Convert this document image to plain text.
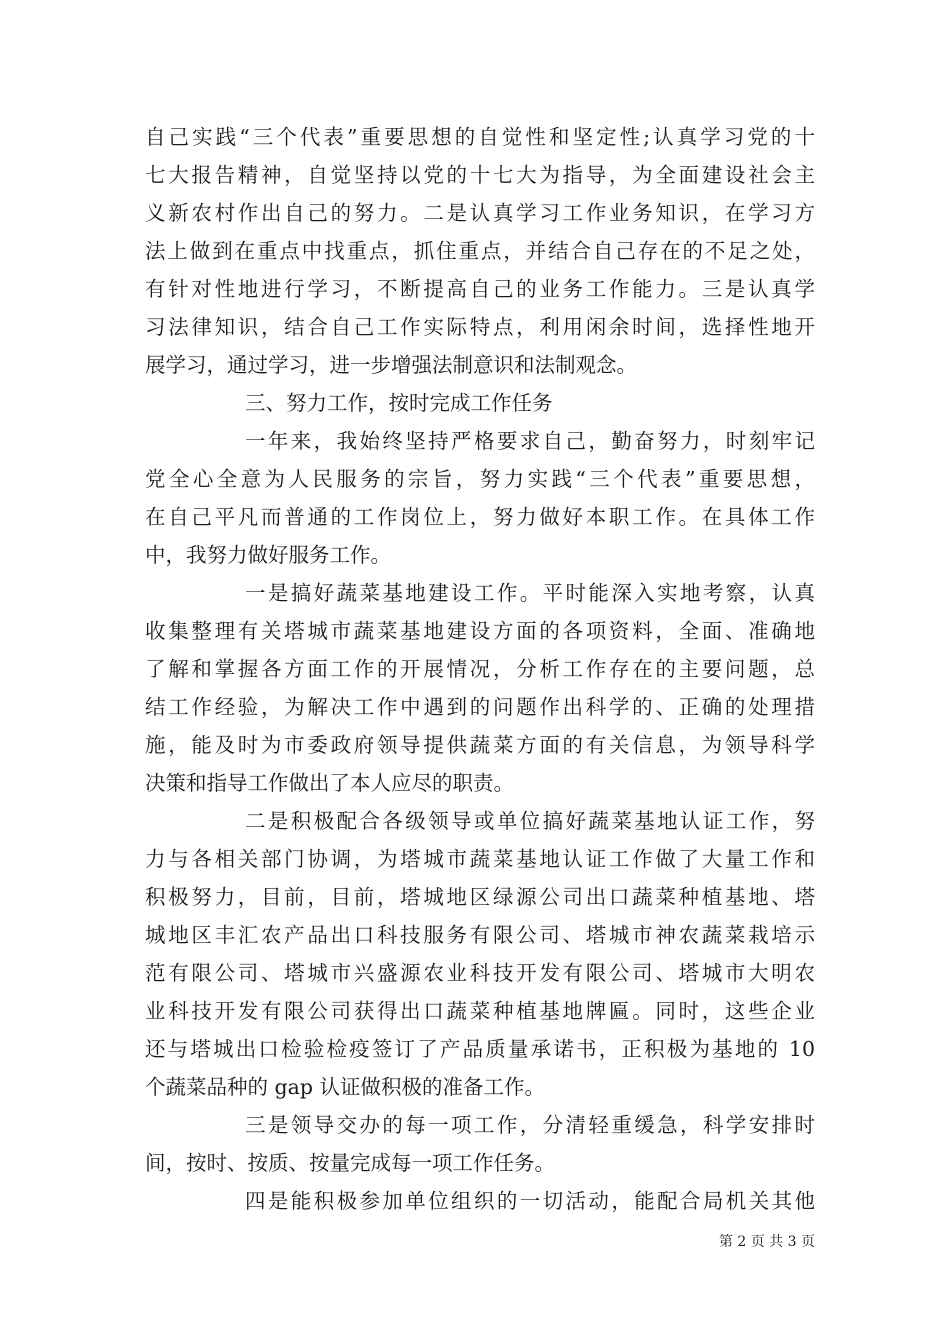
自己实践“三个代表”重要思想的自觉性和坚定性;认真学习党的十
七大报告精神，自觉坚持以党的十七大为指导，为全面建设社会主
义新农村作出自己的努力。二是认真学习工作业务知识，在学习方
法上做到在重点中找重点，抓住重点，并结合自己存在的不足之处，
有针对性地进行学习，不断提高自己的业务工作能力。三是认真学
习法律知识，结合自己工作实际特点，利用闲余时间，选择性地开
展学习，通过学习，进一步增强法制意识和法制观念。
三、努力工作，按时完成工作任务
一年来，我始终坚持严格要求自己，勤奋努力，时刻牢记
党全心全意为人民服务的宗旨，努力实践“三个代表”重要思想，
在自己平凡而普通的工作岗位上，努力做好本职工作。在具体工作
中，我努力做好服务工作。
一是搞好蔬菜基地建设工作。平时能深入实地考察，认真
收集整理有关塔城市蔬菜基地建设方面的各项资料，全面、准确地
了解和掌握各方面工作的开展情况，分析工作存在的主要问题，总
结工作经验，为解决工作中遇到的问题作出科学的、正确的处理措
施，能及时为市委政府领导提供蔬菜方面的有关信息，为领导科学
决策和指导工作做出了本人应尽的职责。
二是积极配合各级领导或单位搞好蔬菜基地认证工作，努
力与各相关部门协调，为塔城市蔬菜基地认证工作做了大量工作和
积极努力，目前，目前，塔城地区绿源公司出口蔬菜种植基地、塔
城地区丰汇农产品出口科技服务有限公司、塔城市神农蔬菜栽培示
范有限公司、塔城市兴盛源农业科技开发有限公司、塔城市大明农
业科技开发有限公司获得出口蔬菜种植基地牌匾。同时，这些企业
还与塔城出口检验检疫签订了产品质量承诺书，正积极为基地的 10
个蔬菜品种的 gap 认证做积极的准备工作。
三是领导交办的每一项工作，分清轻重缓急，科学安排时
间，按时、按质、按量完成每一项工作任务。
四是能积极参加单位组织的一切活动，能配合局机关其他
第 2 页 共 3 页
